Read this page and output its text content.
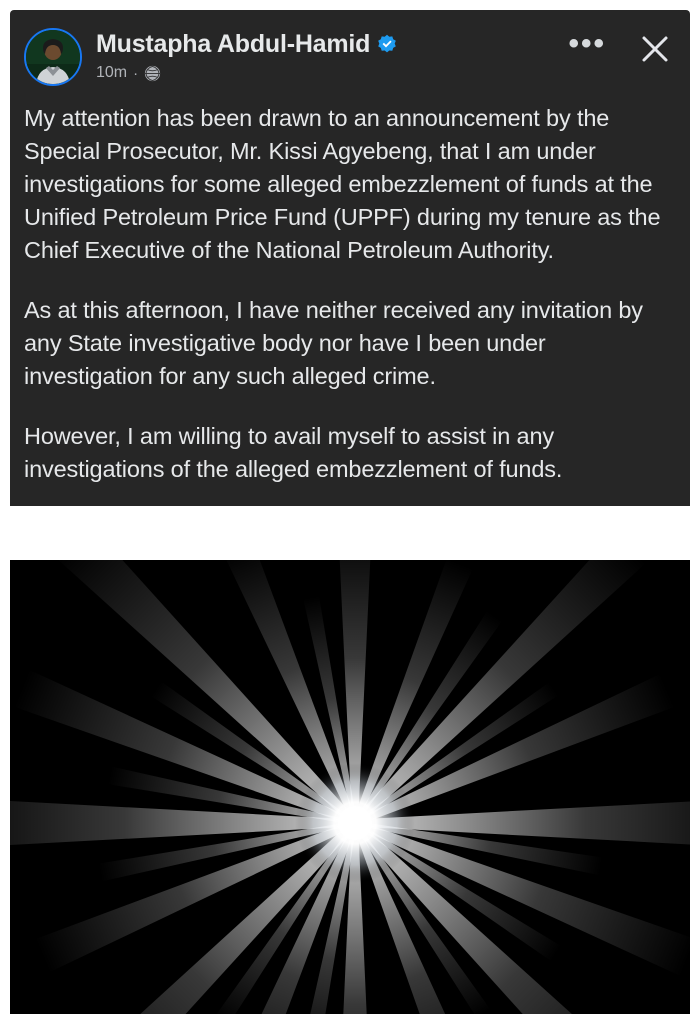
Mustapha Abdul-Hamid
10m ·
•••

My attention has been drawn to an announcement by the Special Prosecutor, Mr. Kissi Agyebeng, that I am under investigations for some alleged embezzlement of funds at the Unified Petroleum Price Fund (UPPF) during my tenure as the Chief Executive of the National Petroleum Authority.

As at this afternoon, I have neither received any invitation by any State investigative body nor have I been under investigation for any such alleged crime.

However, I am willing to avail myself to assist in any investigations of the alleged embezzlement of funds.
